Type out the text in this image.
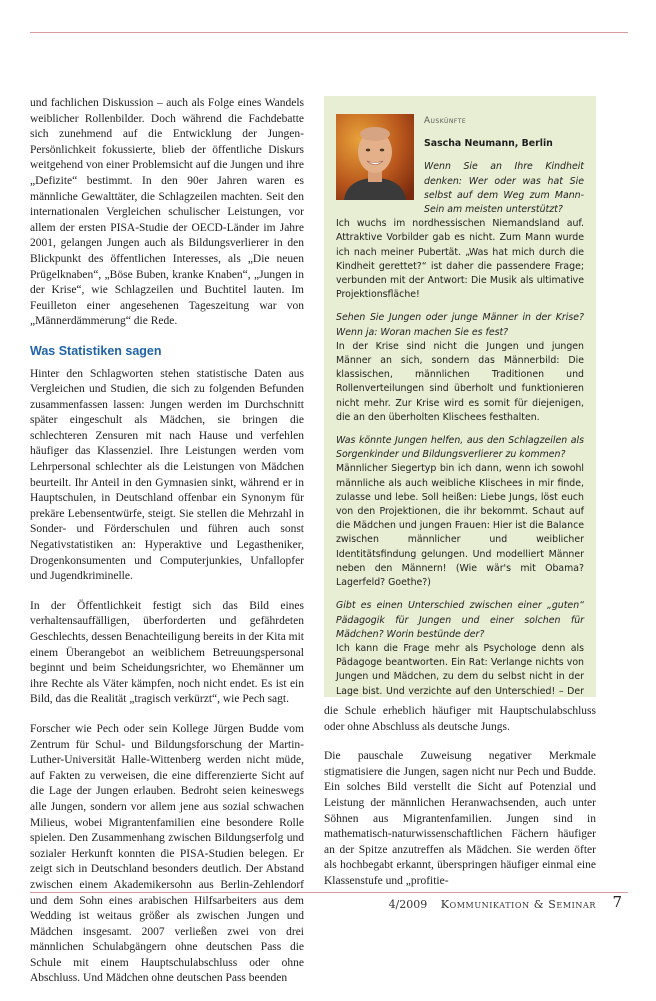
und fachlichen Diskussion – auch als Folge eines Wandels weiblicher Rollenbilder. Doch während die Fachdebatte sich zunehmend auf die Entwicklung der Jungen-Persönlichkeit fokussierte, blieb der öffentliche Diskurs weitgehend von einer Problemsicht auf die Jungen und ihre „Defizite“ bestimmt. In den 90er Jahren waren es männliche Gewalttäter, die Schlagzeilen machten. Seit den internationalen Vergleichen schulischer Leistungen, vor allem der ersten PISA-Studie der OECD-Länder im Jahre 2001, gelangen Jungen auch als Bildungsverlierer in den Blickpunkt des öffentlichen Interesses, als „Die neuen Prügelknaben“, „Böse Buben, kranke Knaben“, „Jungen in der Krise“, wie Schlagzeilen und Buchtitel lauten. Im Feuilleton einer angesehenen Tageszeitung war von „Männerdämmerung“ die Rede.

Was Statistiken sagen

Hinter den Schlagworten stehen statistische Daten aus Vergleichen und Studien, die sich zu folgenden Befunden zusammenfassen lassen: Jungen werden im Durchschnitt später eingeschult als Mädchen, sie bringen die schlechteren Zensuren mit nach Hause und verfehlen häufiger das Klassenziel. Ihre Leistungen werden vom Lehrpersonal schlechter als die Leistungen von Mädchen beurteilt. Ihr Anteil in den Gymnasien sinkt, während er in Hauptschulen, in Deutschland offenbar ein Synonym für prekäre Lebensentwürfe, steigt. Sie stellen die Mehrzahl in Sonder- und Förderschulen und führen auch sonst Negativstatistiken an: Hyperaktive und Legastheniker, Drogenkonsumenten und Computerjunkies, Unfallopfer und Jugendkriminelle.

In der Öffentlichkeit festigt sich das Bild eines verhaltensauffälligen, überforderten und gefährdeten Geschlechts, dessen Benachteiligung bereits in der Kita mit einem Überangebot an weiblichem Betreuungspersonal beginnt und beim Scheidungsrichter, wo Ehemänner um ihre Rechte als Väter kämpfen, noch nicht endet. Es ist ein Bild, das die Realität „tragisch verkürzt“, wie Pech sagt.

Forscher wie Pech oder sein Kollege Jürgen Budde vom Zentrum für Schul- und Bildungsforschung der Martin-Luther-Universität Halle-Wittenberg werden nicht müde, auf Fakten zu verweisen, die eine differenzierte Sicht auf die Lage der Jungen erlauben. Bedroht seien keineswegs alle Jungen, sondern vor allem jene aus sozial schwachen Milieus, wobei Migrantenfamilien eine besondere Rolle spielen. Den Zusammenhang zwischen Bildungserfolg und sozialer Herkunft konnten die PISA-Studien belegen. Er zeigt sich in Deutschland besonders deutlich. Der Abstand zwischen einem Akademikersohn aus Berlin-Zehlendorf und dem Sohn eines arabischen Hilfsarbeiters aus dem Wedding ist weitaus größer als zwischen Jungen und Mädchen insgesamt. 2007 verließen zwei von drei männlichen Schulabgängern ohne deutschen Pass die Schule mit einem Hauptschulabschluss oder ohne Abschluss. Und Mädchen ohne deutschen Pass beenden

Auskünfte

Sascha Neumann, Berlin

Wenn Sie an Ihre Kindheit denken: Wer oder was hat Sie selbst auf dem Weg zum Mann-Sein am meisten unterstützt?

Ich wuchs im nordhessischen Niemandsland auf. Attraktive Vorbilder gab es nicht. Zum Mann wurde ich nach meiner Pubertät. „Was hat mich durch die Kindheit gerettet?“ ist daher die passendere Frage; verbunden mit der Antwort: Die Musik als ultimative Projektionsfläche!

Sehen Sie Jungen oder junge Männer in der Krise? Wenn ja: Woran machen Sie es fest?

In der Krise sind nicht die Jungen und jungen Männer an sich, sondern das Männerbild: Die klassischen, männlichen Traditionen und Rollenverteilungen sind überholt und funktionieren nicht mehr. Zur Krise wird es somit für diejenigen, die an den überholten Klischees festhalten.

Was könnte Jungen helfen, aus den Schlagzeilen als Sorgenkinder und Bildungsverlierer zu kommen?

Männlicher Siegertyp bin ich dann, wenn ich sowohl männliche als auch weibliche Klischees in mir finde, zulasse und lebe. Soll heißen: Liebe Jungs, löst euch von den Projektionen, die ihr bekommt. Schaut auf die Mädchen und jungen Frauen: Hier ist die Balance zwischen männlicher und weiblicher Identitätsfindung gelungen. Und modelliert Männer neben den Männern! (Wie wär's mit Obama? Lagerfeld? Goethe?)

Gibt es einen Unterschied zwischen einer „guten“ Pädagogik für Jungen und einer solchen für Mädchen? Worin bestünde der?

Ich kann die Frage mehr als Psychologe denn als Pädagoge beantworten. Ein Rat: Verlange nichts von Jungen und Mädchen, zu dem du selbst nicht in der Lage bist. Und verzichte auf den Unterschied! – Der

die Schule erheblich häufiger mit Hauptschulabschluss oder ohne Abschluss als deutsche Jungs.

Die pauschale Zuweisung negativer Merkmale stigmatisiere die Jungen, sagen nicht nur Pech und Budde. Ein solches Bild verstellt die Sicht auf Potenzial und Leistung der männlichen Heranwachsenden, auch unter Söhnen aus Migrantenfamilien. Jungen sind in mathematisch-naturwissenschaftlichen Fächern häufiger an der Spitze anzutreffen als Mädchen. Sie werden öfter als hochbegabt erkannt, überspringen häufiger einmal eine Klassenstufe und „profitie-

4/2009 Kommunikation & Seminar 7
